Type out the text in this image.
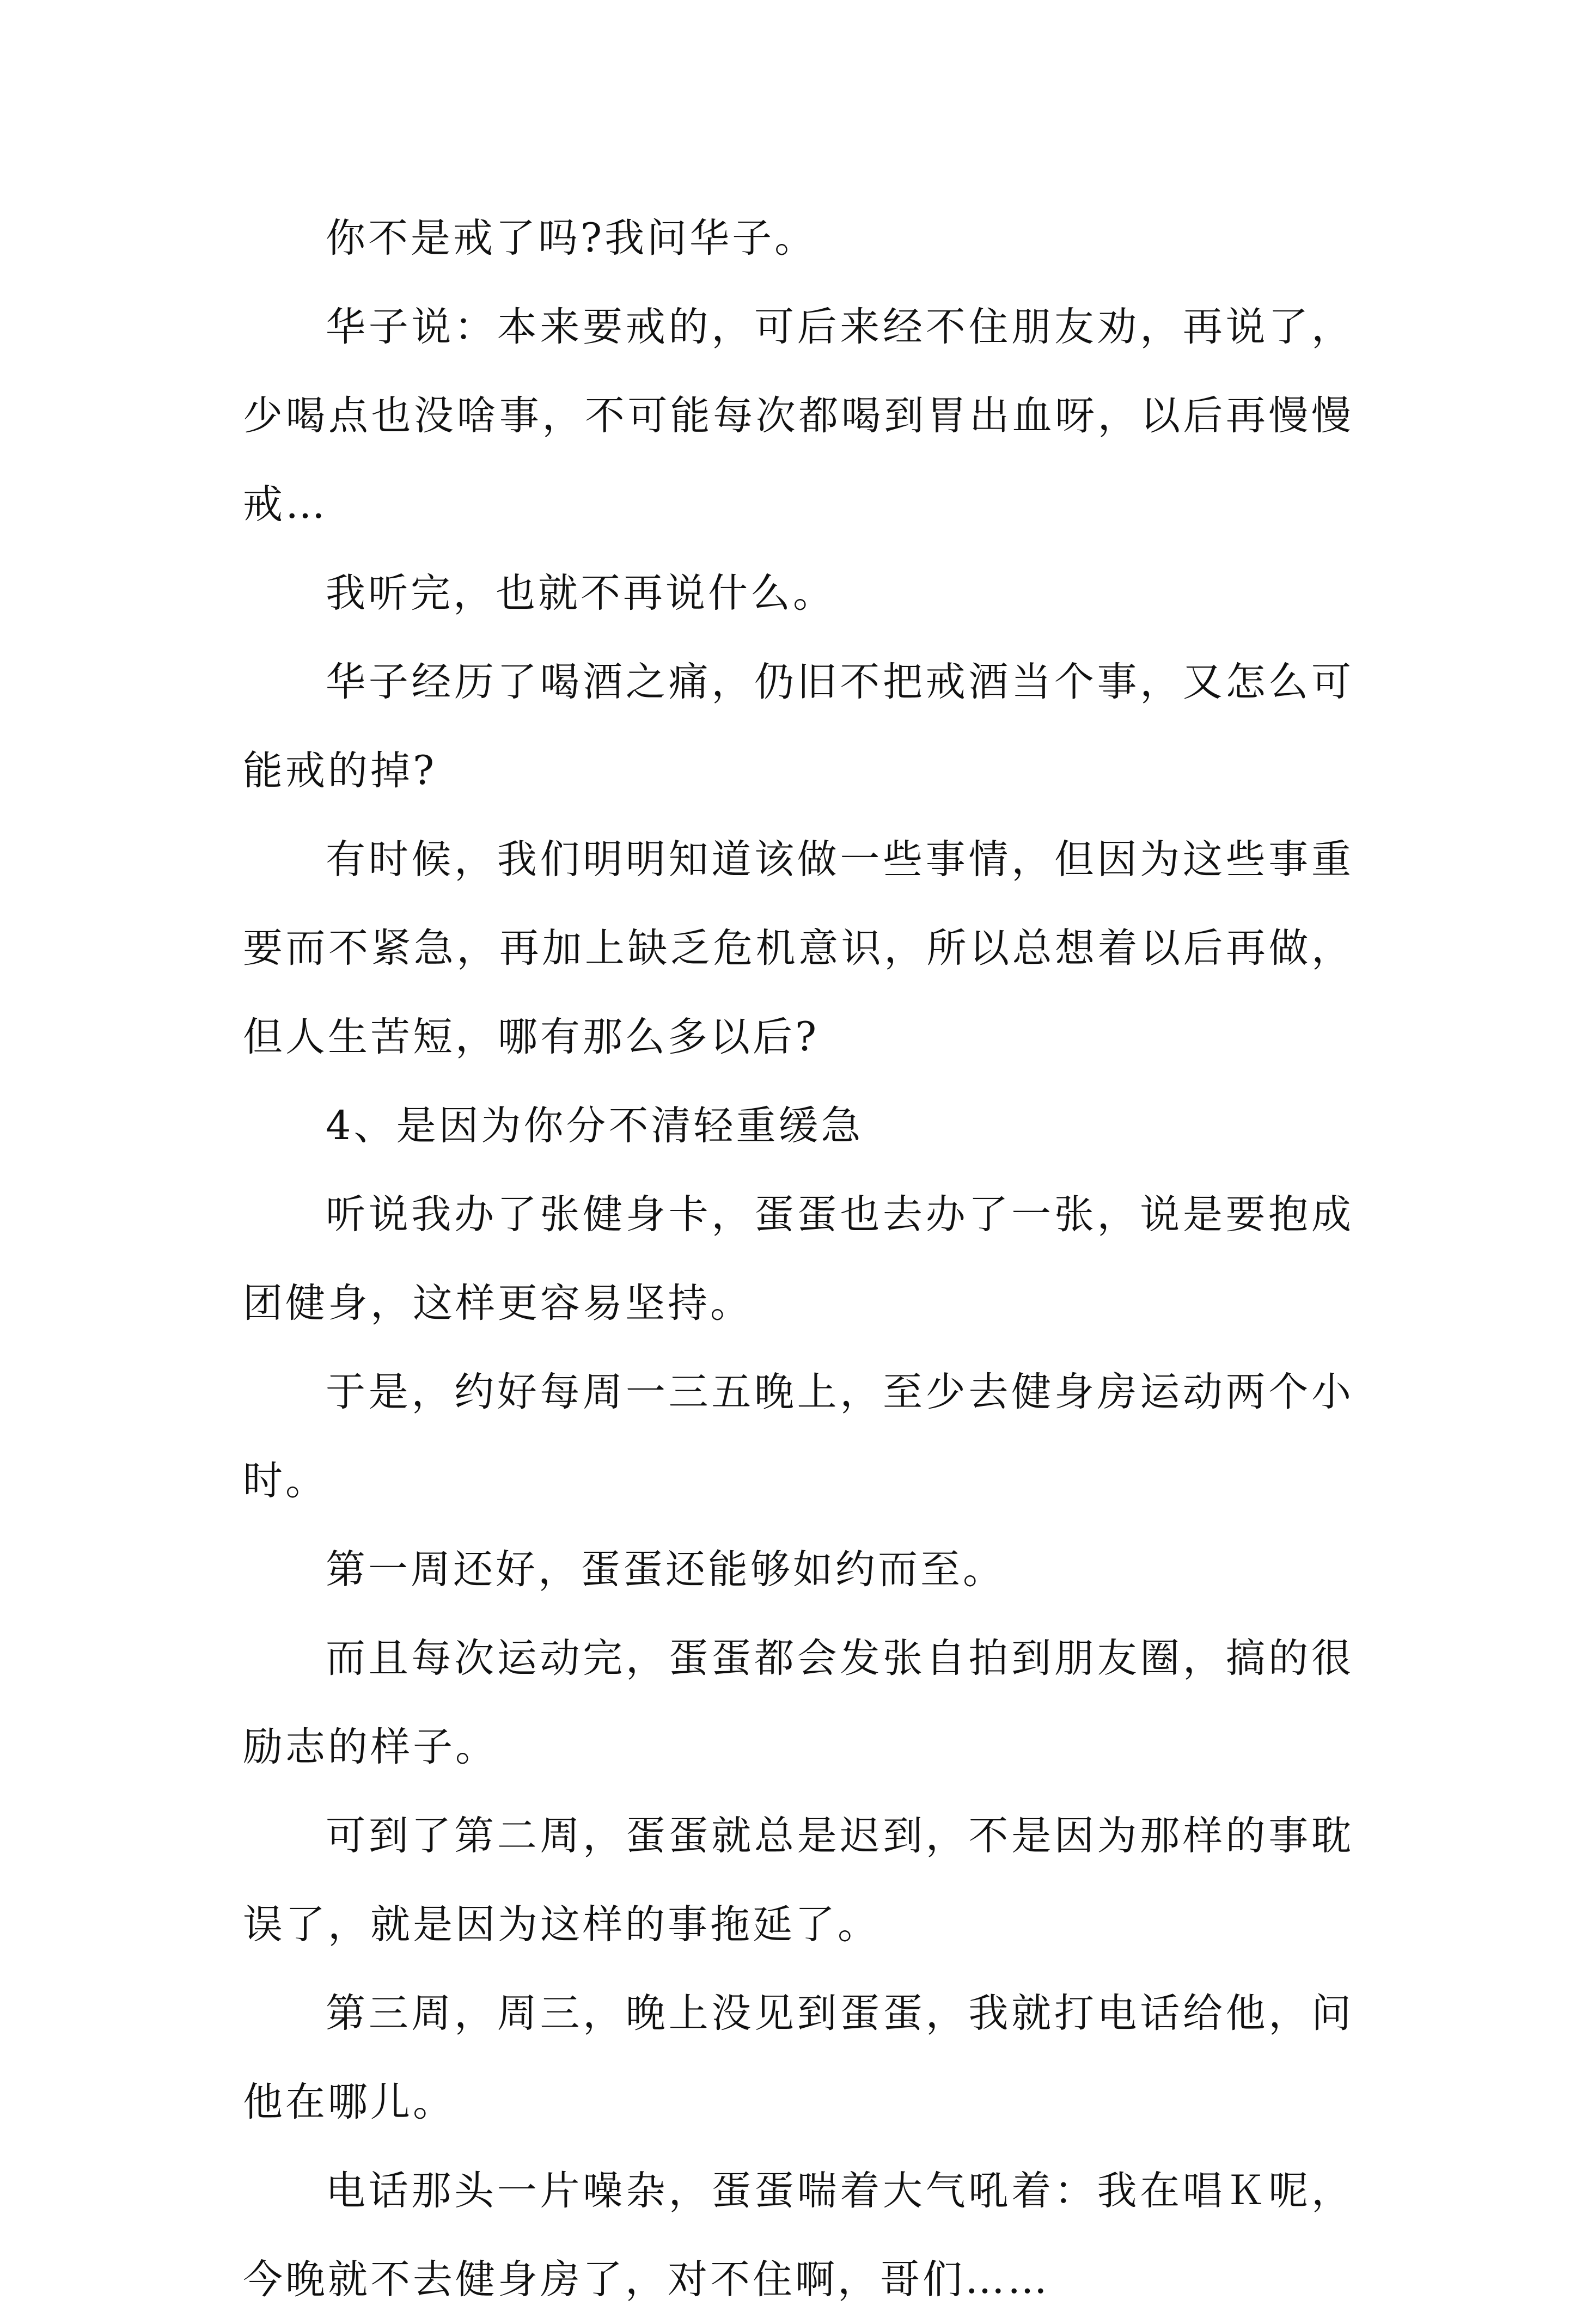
你不是戒了吗?我问华子。

华子说：本来要戒的，可后来经不住朋友劝，再说了，少喝点也没啥事，不可能每次都喝到胃出血呀，以后再慢慢戒…

我听完，也就不再说什么。

华子经历了喝酒之痛，仍旧不把戒酒当个事，又怎么可能戒的掉?

有时候，我们明明知道该做一些事情，但因为这些事重要而不紧急，再加上缺乏危机意识，所以总想着以后再做，但人生苦短，哪有那么多以后?

4、是因为你分不清轻重缓急

听说我办了张健身卡，蛋蛋也去办了一张，说是要抱成团健身，这样更容易坚持。

于是，约好每周一三五晚上，至少去健身房运动两个小时。

第一周还好，蛋蛋还能够如约而至。

而且每次运动完，蛋蛋都会发张自拍到朋友圈，搞的很励志的样子。

可到了第二周，蛋蛋就总是迟到，不是因为那样的事耽误了，就是因为这样的事拖延了。

第三周，周三，晚上没见到蛋蛋，我就打电话给他，问他在哪儿。

电话那头一片噪杂，蛋蛋喘着大气吼着：我在唱Ｋ呢，今晚就不去健身房了，对不住啊，哥们……
